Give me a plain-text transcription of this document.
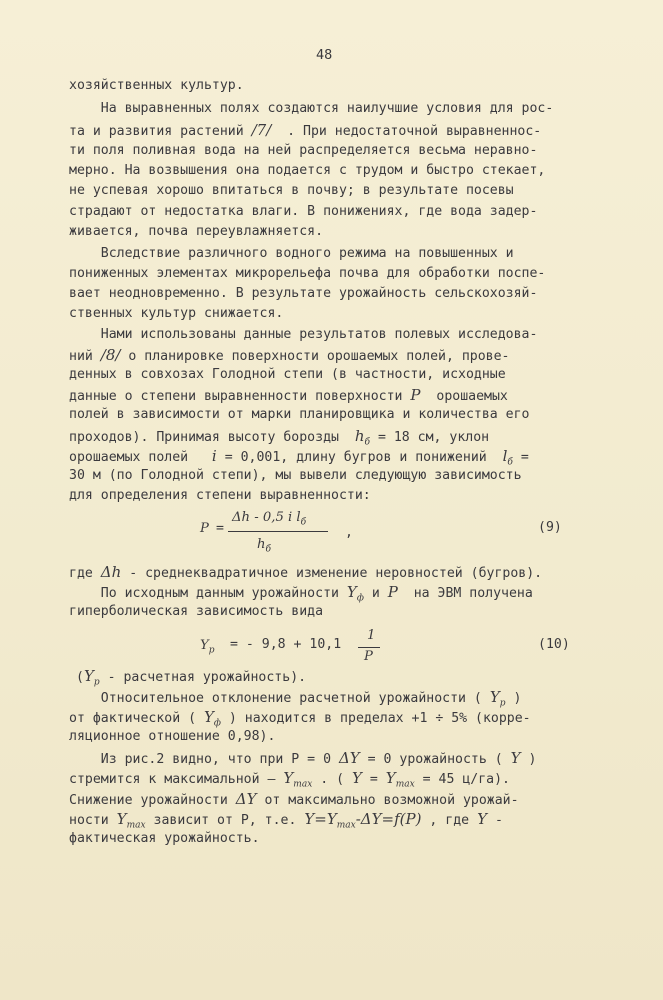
48
хозяйственных культур.
На выравненных полях создаются наилучшие условия для рос-
та и развития растений /7/ . При недостаточной выравненнос-
ти поля поливная вода на ней распределяется весьма неравно-
мерно. На возвышения она подается с трудом и быстро стекает,
не успевая хорошо впитаться в почву; в результате посевы
страдают от недостатка влаги. В понижениях, где вода задер-
живается, почва переувлажняется.
Вследствие различного водного режима на повышенных и
пониженных элементах микрорельефа почва для обработки поспе-
вает неодновременно. В результате урожайность сельскохозяй-
ственных культур снижается.
Нами использованы данные результатов полевых исследова-
ний /8/ о планировке поверхности орошаемых полей, прове-
денных в совхозах Голодной степи (в частности, исходные
данные о степени выравненности поверхности P орошаемых
полей в зависимости от марки планировщика и количества его
проходов). Принимая высоту борозды $h_б = 18$ см, уклон
орошаемых полей i = 0,001, длину бугров и понижений $l_б$ =
30 м (по Голодной степи), мы вывели следующую зависимость
для определения степени выравненности:
P =
Δh - 0,5 i $l_б$
$h_б$
,	(9)
где Δh - среднеквадратичное изменение неровностей (бугров).
По исходным данным урожайности $Y_ф$ и P на ЭВМ получена
гиперболическая зависимость вида
$Y_p$ = - 9,8 + 10,1
1
P
(10)
($Y_p$ - расчетная урожайность).
Относительное отклонение расчетной урожайности ( $Y_p$ )
от фактической ( $Y_ф$ ) находится в пределах +1 ÷ 5% (корре-
ляционное отношение 0,98).
Из рис.2 видно, что при Р = 0 ΔY = 0 урожайность ( Y )
стремится к максимальной — $Y_{max}$ . ( $Y = Y_{max} = 45$ ц/га).
Снижение урожайности ΔY от максимально возможной урожай-
ности $Y_{max}$ зависит от Р, т.е. $Y=Y_{max}-\Delta Y=f(P)$ , где Y -
фактическая урожайность.
